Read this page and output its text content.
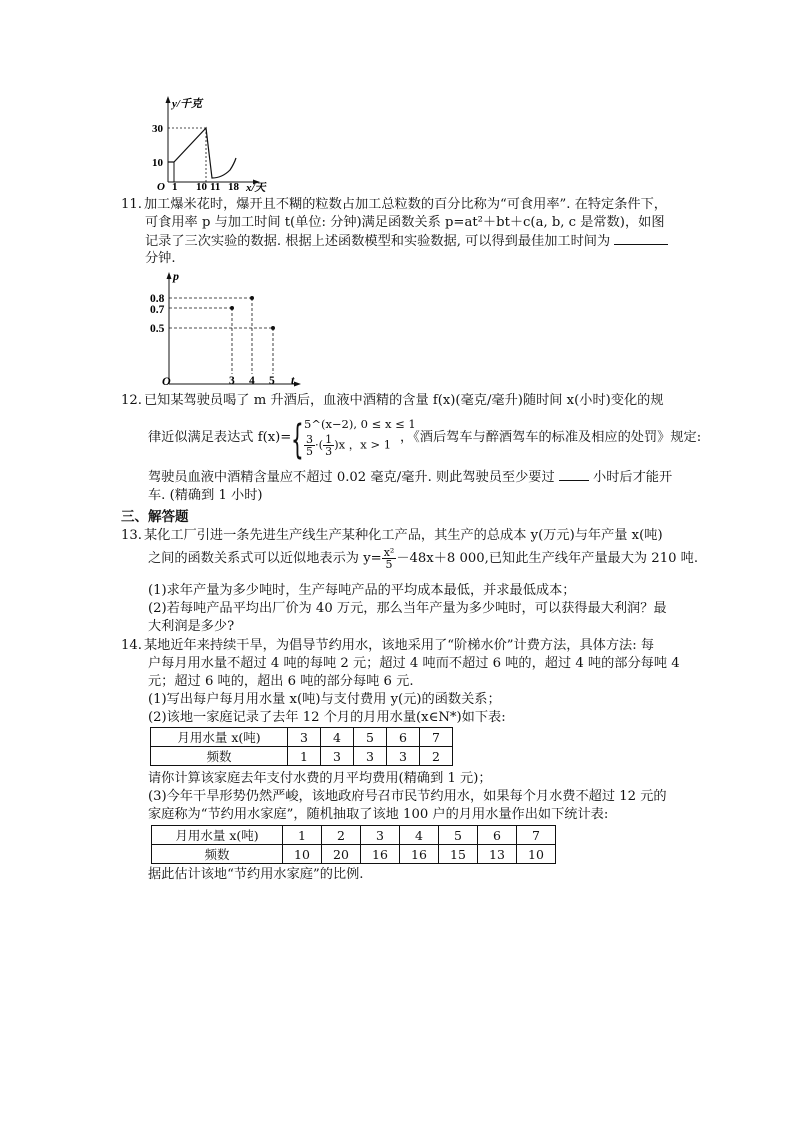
y/千克
x/天
O
30
10
1 10 11 18
11. 加工爆米花时，爆开且不糊的粒数占加工总粒数的百分比称为“可食用率”. 在特定条件下，
可食用率 p 与加工时间 t(单位: 分钟)满足函数关系 p=at²＋bt＋c(a, b, c 是常数)，如图
记录了三次实验的数据. 根据上述函数模型和实验数据, 可以得到最佳加工时间为
分钟.
p
t
O
0.8
0.7
0.5
3 4 5
12. 已知某驾驶员喝了 m 升酒后，血液中酒精的含量 f(x)(毫克/毫升)随时间 x(小时)变化的规
律近似满足表达式 f(x)= { 5^(x−2), 0 ≤ x ≤ 1
$\frac{3}{5}$ ·( $\frac{1}{3} )x$ ，x > 1 ，《酒后驾车与醉酒驾车的标准及相应的处罚》规定:
驾驶员血液中酒精含量应不超过 0.02 毫克/毫升. 则此驾驶员至少要过	小时后才能开
车. (精确到 1 小时)
三、解答题
13. 某化工厂引进一条先进生产线生产某种化工产品，其生产的总成本 y(万元)与年产量 x(吨)
之间的函数关系式可以近似地表示为 $y= \frac{\text{x²}}{5} -48x+8$ 000,已知此生产线年产量最大为 210 吨.
(1)求年产量为多少吨时，生产每吨产品的平均成本最低，并求最低成本；
(2)若每吨产品平均出厂价为 40 万元，那么当年产量为多少吨时，可以获得最大利润？最
大利润是多少?
14. 某地近年来持续干旱，为倡导节约用水，该地采用了“阶梯水价”计费方法，具体方法: 每
户每月用水量不超过 4 吨的每吨 2 元；超过 4 吨而不超过 6 吨的，超过 4 吨的部分每吨 4
元；超过 6 吨的，超出 6 吨的部分每吨 6 元.
(1)写出每户每月用水量 x(吨)与支付费用 y(元)的函数关系；
(2)该地一家庭记录了去年 12 个月的月用水量(x∈N*)如下表:
月用水量 x(吨)	3	4	5	6	7
频数	1	3	3	3	2
请你计算该家庭去年支付水费的月平均费用(精确到 1 元)；
(3)今年干旱形势仍然严峻，该地政府号召市民节约用水，如果每个月水费不超过 12 元的
家庭称为“节约用水家庭”，随机抽取了该地 100 户的月用水量作出如下统计表:
月用水量 x(吨)	1	2	3	4	5	6	7
频数	10	20	16	16	15	13	10
据此估计该地“节约用水家庭”的比例.
